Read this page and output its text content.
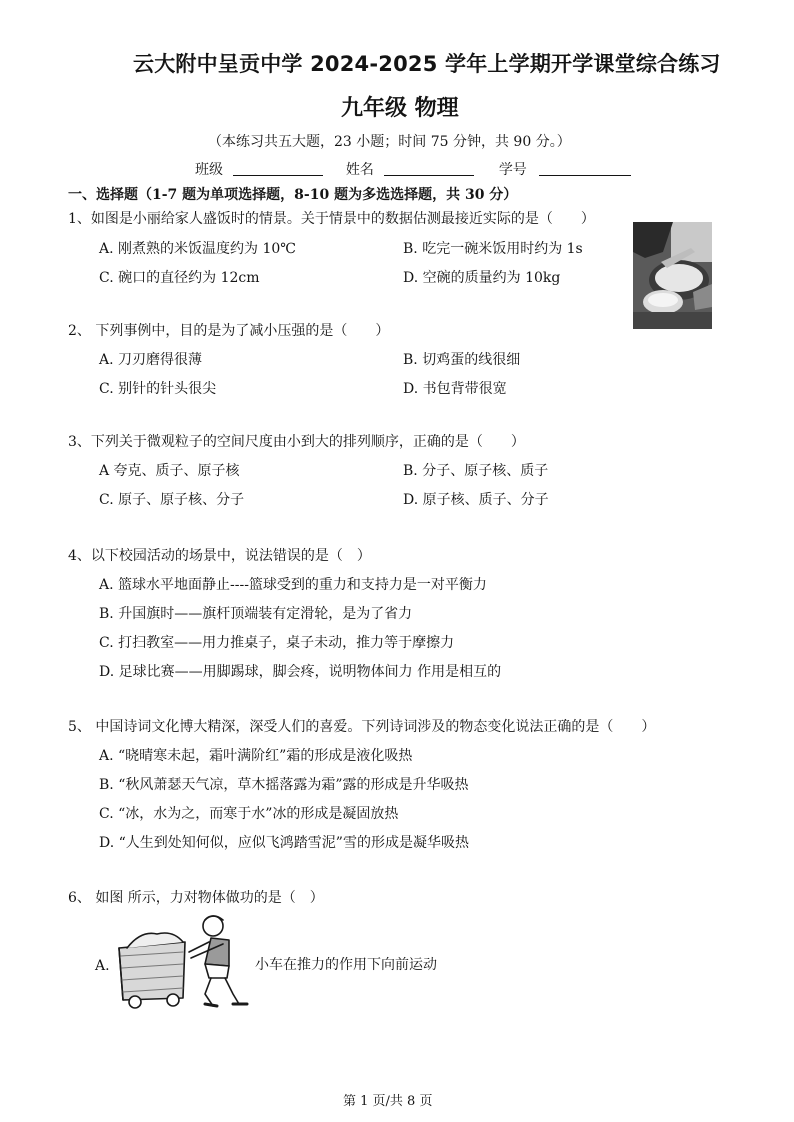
云大附中呈贡中学 2024-2025 学年上学期开学课堂综合练习
九年级 物理
（本练习共五大题，23 小题；时间 75 分钟，共 90 分。）
班级	姓名	学号
一、选择题（1-7 题为单项选择题，8-10 题为多选选择题，共 30 分）
1、如图是小丽给家人盛饭时的情景。关于情景中的数据估测最接近实际的是（　　）
A. 刚煮熟的米饭温度约为 10℃	B. 吃完一碗米饭用时约为 1s
C. 碗口的直径约为 12cm	D. 空碗的质量约为 10kg
2、 下列事例中，目的是为了减小压强的是（　　）
A. 刀刃磨得很薄	B. 切鸡蛋的线很细
C. 别针的针头很尖	D. 书包背带很宽
3、下列关于微观粒子的空间尺度由小到大的排列顺序，正确的是（　　）
A 夸克、质子、原子核	B. 分子、原子核、质子
C. 原子、原子核、分子	D. 原子核、质子、分子
4、以下校园活动的场景中，说法错误的是（　）
A. 篮球水平地面静止----篮球受到的重力和支持力是一对平衡力
B. 升国旗时——旗杆顶端装有定滑轮，是为了省力
C. 打扫教室——用力推桌子，桌子未动，推力等于摩擦力
D. 足球比赛——用脚踢球，脚会疼，说明物体间力 作用是相互的
5、 中国诗词文化博大精深，深受人们的喜爱。下列诗词涉及的物态变化说法正确的是（　　）
A. “晓晴寒未起，霜叶满阶红”霜的形成是液化吸热
B. “秋风萧瑟天气凉，草木摇落露为霜”露的形成是升华吸热
C. “冰，水为之，而寒于水”冰的形成是凝固放热
D. “人生到处知何似，应似飞鸿踏雪泥”雪的形成是凝华吸热
6、 如图 所示，力对物体做功的是（　）
A.	小车在推力的作用下向前运动
第 1 页/共 8 页
